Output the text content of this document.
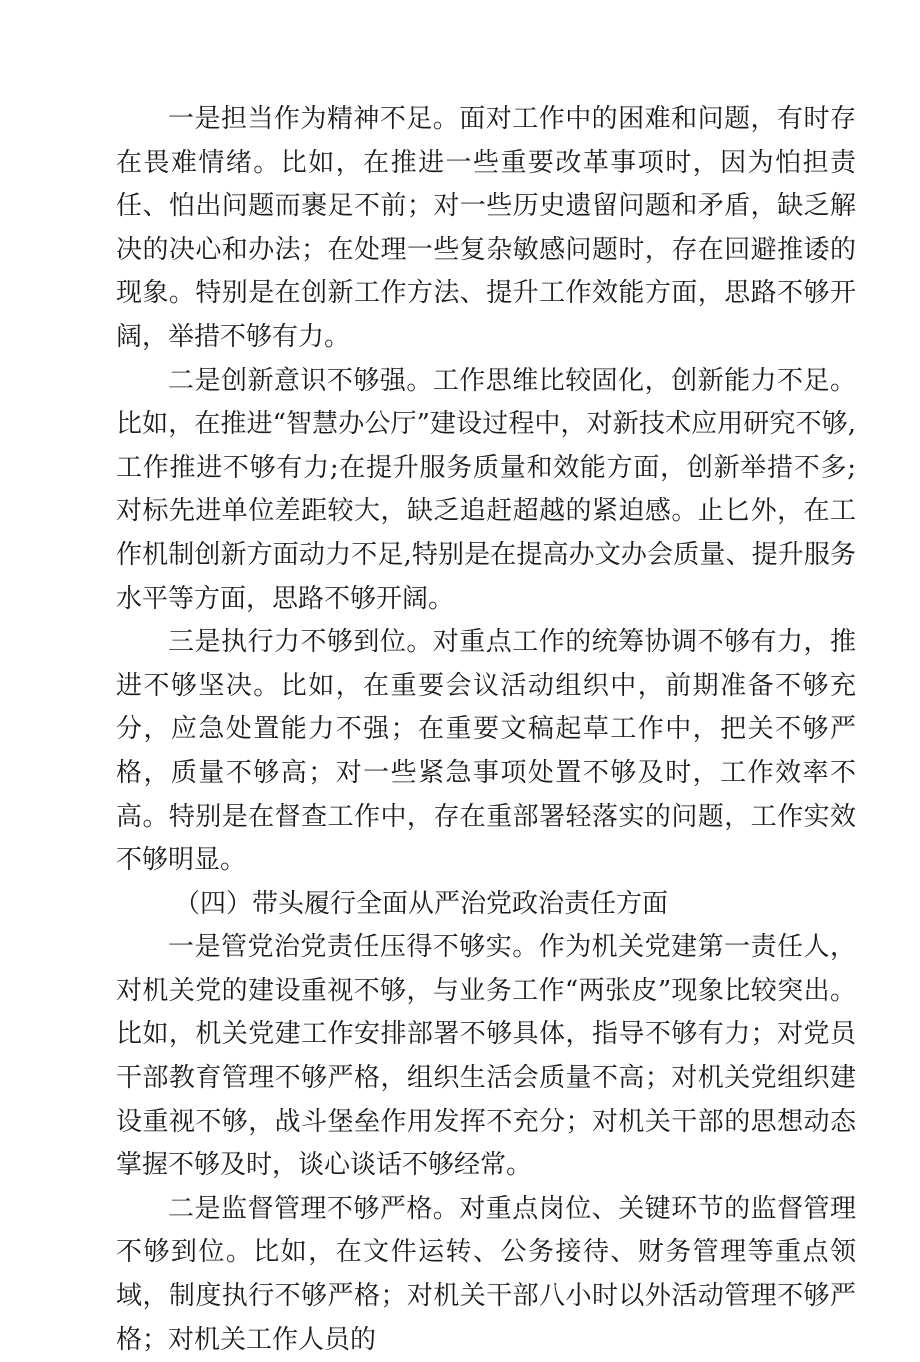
一是担当作为精神不足。面对工作中的困难和问题，有时存在畏难情绪。比如，在推进一些重要改革事项时，因为怕担责任、怕出问题而裹足不前；对一些历史遗留问题和矛盾，缺乏解决的决心和办法；在处理一些复杂敏感问题时，存在回避推诿的现象。特别是在创新工作方法、提升工作效能方面，思路不够开阔，举措不够有力。

二是创新意识不够强。工作思维比较固化，创新能力不足。比如，在推进“智慧办公厅”建设过程中，对新技术应用研究不够,工作推进不够有力;在提升服务质量和效能方面，创新举措不多;对标先进单位差距较大，缺乏追赶超越的紧迫感。止匕外，在工作机制创新方面动力不足,特别是在提高办文办会质量、提升服务水平等方面，思路不够开阔。

三是执行力不够到位。对重点工作的统筹协调不够有力，推进不够坚决。比如，在重要会议活动组织中，前期准备不够充分，应急处置能力不强；在重要文稿起草工作中，把关不够严格，质量不够高；对一些紧急事项处置不够及时，工作效率不高。特别是在督查工作中，存在重部署轻落实的问题，工作实效不够明显。

（四）带头履行全面从严治党政治责任方面

一是管党治党责任压得不够实。作为机关党建第一责任人，对机关党的建设重视不够，与业务工作“两张皮”现象比较突出。比如，机关党建工作安排部署不够具体，指导不够有力；对党员干部教育管理不够严格，组织生活会质量不高；对机关党组织建设重视不够，战斗堡垒作用发挥不充分；对机关干部的思想动态掌握不够及时，谈心谈话不够经常。

二是监督管理不够严格。对重点岗位、关键环节的监督管理不够到位。比如，在文件运转、公务接待、财务管理等重点领域，制度执行不够严格；对机关干部八小时以外活动管理不够严格；对机关工作人员的
